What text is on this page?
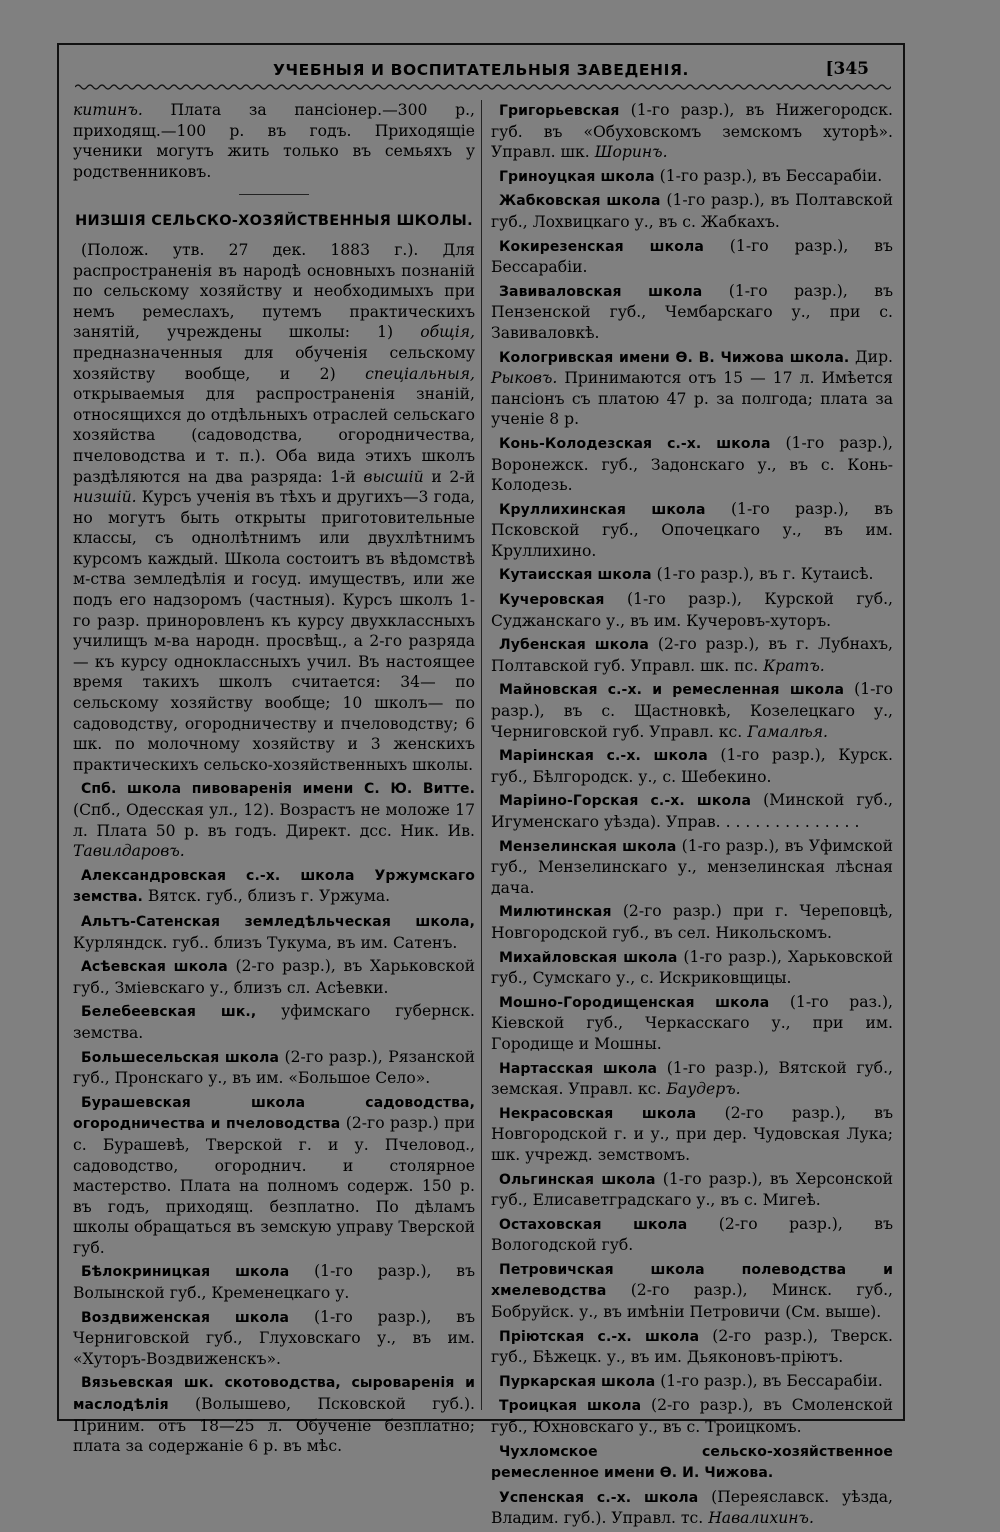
УЧЕБНЫЯ И ВОСПИТАТЕЛЬНЫЯ ЗАВЕДЕНІЯ.	[345

китинъ. Плата за пансіонер.—300 р., приходящ.—100 р. въ годъ. Приходящіе ученики могутъ жить только въ семьяхъ у родственниковъ.

НИЗШІЯ СЕЛЬСКО-ХОЗЯЙСТВЕННЫЯ ШКОЛЫ.

(Полож. утв. 27 дек. 1883 г.). Для распространенія въ народѣ основныхъ познаній по сельскому хозяйству и необходимыхъ при немъ ремеслахъ, путемъ практическихъ занятій, учреждены школы: 1) общія, предназначенныя для обученія сельскому хозяйству вообще, и 2) спеціальныя, открываемыя для распространенія знаній, относящихся до отдѣльныхъ отраслей сельскаго хозяйства (садоводства, огородничества, пчеловодства и т. п.). Оба вида этихъ школъ раздѣляются на два разряда: 1-й высшій и 2-й низшій. Курсъ ученія въ тѣхъ и другихъ—3 года, но могутъ быть открыты приготовительные классы, съ однолѣтнимъ или двухлѣтнимъ курсомъ каждый. Школа состоитъ въ вѣдомствѣ м-ства земледѣлія и госуд. имуществъ, или же подъ его надзоромъ (частныя). Курсъ школъ 1-го разр. приноровленъ къ курсу двухклассныхъ училищъ м-ва народн. просвѣщ., а 2-го разряда — къ курсу одноклассныхъ учил. Въ настоящее время такихъ школъ считается: 34— по сельскому хозяйству вообще; 10 школъ— по садоводству, огородничеству и пчеловодству; 6 шк. по молочному хозяйству и 3 женскихъ практическихъ сельско-хозяйственныхъ школы.

Спб. школа пивоваренія имени С. Ю. Витте. (Спб., Одесская ул., 12). Возрастъ не моложе 17 л. Плата 50 р. въ годъ. Директ. дсс. Ник. Ив. Тавилдаровъ.

Александровская с.-х. школа Уржумскаго земства. Вятск. губ., близъ г. Уржума.

Альтъ-Сатенская земледѣльческая школа, Курляндск. губ.. близъ Тукума, въ им. Сатенъ.

Асѣевская школа (2-го разр.), въ Харьковской губ., Зміевскаго у., близъ сл. Асѣевки.

Белебеевская шк., уфимскаго губернск. земства.

Большесельская школа (2-го разр.), Рязанской губ., Пронскаго у., въ им. «Большое Село».

Бурашевская школа садоводства, огородничества и пчеловодства (2-го разр.) при с. Бурашевѣ, Тверской г. и у. Пчеловод., садоводство, огороднич. и столярное мастерство. Плата на полномъ содерж. 150 р. въ годъ, приходящ. безплатно. По дѣламъ школы обращаться въ земскую управу Тверской губ.

Бѣлокриницкая школа (1-го разр.), въ Волынской губ., Кременецкаго у.

Воздвиженская школа (1-го разр.), въ Черниговской губ., Глуховскаго у., въ им. «Хуторъ-Воздвиженскъ».

Вязьевская шк. скотоводства, сыроваренія и маслодѣлія (Волышево, Псковской губ.). Приним. отъ 18—25 л. Обученіе безплатно; плата за содержаніе 6 р. въ мѣс.

Григорьевская (1-го разр.), въ Нижегородск. губ. въ «Обуховскомъ земскомъ хуторѣ». Управл. шк. Шоринъ.

Гриноуцкая школа (1-го разр.), въ Бессарабіи.

Жабковская школа (1-го разр.), въ Полтавской губ., Лохвицкаго у., въ с. Жабкахъ.

Кокирезенская школа (1-го разр.), въ Бессарабіи.

Завиваловская школа (1-го разр.), въ Пензенской губ., Чембарскаго у., при с. Завиваловкѣ.

Кологривская имени Ѳ. В. Чижова школа. Дир. Рыковъ. Принимаются отъ 15 — 17 л. Имѣется пансіонъ съ платою 47 р. за полгода; плата за ученіе 8 р.

Конь-Колодезская с.-х. школа (1-го разр.), Воронежск. губ., Задонскаго у., въ с. Конь-Колодезь.

Круллихинская школа (1-го разр.), въ Псковской губ., Опочецкаго у., въ им. Круллихино.

Кутаисская школа (1-го разр.), въ г. Кутаисѣ.

Кучеровская (1-го разр.), Курской губ., Суджанскаго у., въ им. Кучеровъ-хуторъ.

Лубенская школа (2-го разр.), въ г. Лубнахъ, Полтавской губ. Управл. шк. пс. Кратъ.

Майновская с.-х. и ремесленная школа (1-го разр.), въ с. Щастновкѣ, Козелецкаго у., Черниговской губ. Управл. кс. Гамалѣя.

Маріинская с.-х. школа (1-го разр.), Курск. губ., Бѣлгородск. у., с. Шебекино.

Маріино-Горская с.-х. школа (Минской губ., Игуменскаго уѣзда). Управ. . . . . . . . . . . . . . .

Мензелинская школа (1-го разр.), въ Уфимской губ., Мензелинскаго у., мензелинская лѣсная дача.

Милютинская (2-го разр.) при г. Череповцѣ, Новгородской губ., въ сел. Никольскомъ.

Михайловская школа (1-го разр.), Харьковской губ., Сумскаго у., с. Искриковщицы.

Мошно-Городищенская школа (1-го раз.), Кіевской губ., Черкасскаго у., при им. Городище и Мошны.

Нартасская школа (1-го разр.), Вятской губ., земская. Управл. кс. Баудеръ.

Некрасовская школа (2-го разр.), въ Новгородской г. и у., при дер. Чудовская Лука; шк. учрежд. земствомъ.

Ольгинская школа (1-го разр.), въ Херсонской губ., Елисаветградскаго у., въ с. Мигеѣ.

Остаховская школа (2-го разр.), въ Вологодской губ.

Петровичская школа полеводства и хмелеводства (2-го разр.), Минск. губ., Бобруйск. у., въ имѣніи Петровичи (См. выше).

Пріютская с.-х. школа (2-го разр.), Тверск. губ., Бѣжецк. у., въ им. Дьяконовъ-пріютъ.

Пуркарская школа (1-го разр.), въ Бессарабіи.

Троицкая школа (2-го разр.), въ Смоленской губ., Юхновскаго у., въ с. Троицкомъ.

Чухломское сельско-хозяйственное ремесленное имени Ѳ. И. Чижова.

Успенская с.-х. школа (Переяславск. уѣзда, Владим. губ.). Управл. тс. Навалихинъ.
